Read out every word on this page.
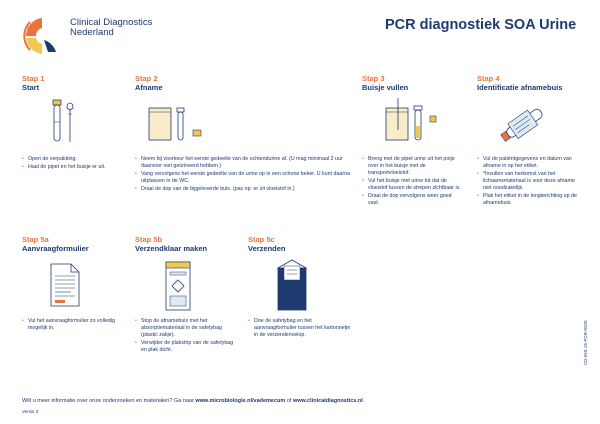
Clinical Diagnostics
Nederland	PCR diagnostiek SOA Urine
Stap 1
Start
• Open de verpakking.
• Haal de pipet en het buisje er uit.
Stap 2
Afname
• Neem bij voorkeur het eerste gedeelte van de ochtendurine af. (U mag minimaal 2 uur daarvoor niet geürineerd hebben.)
• Vang vervolgens het eerste gedeelte van de urine op in een schone beker. U kunt daarna uitplassen in de WC.
• Draai de dop van de bijgeleverde buis. (pas op: er zit vloeistof in.)
Stap 3
Buisje vullen
• Breng met de pipet urine uit het potje over in het buisje met de transportvloeistof.
• Vul het buisje met urine tot dat de vloeistof tussen de strepen zichtbaar is.
• Draai de dop vervolgens weer goed vast.
Stap 4
Identificatie afnamebuis
• Vul de patiëntgegevens en datum van afname in op het etiket.
• *Invullen van herkomst van het lichaamsmateriaal is voor deze afname niet noodzakelijk.
• Plak het etiket in de lengterichting op de afnamebuis.
Stap 5a
Aanvraagformulier
• Vul het aanvraagformulier zo volledig mogelijk in.
Stap 5b
Verzendklaar maken
• Stop de afnamebuis met het absorptiemateriaal in de safetybag (plastic zakje).
• Verwijder de plakstrip van de safetybag en plak dicht.
Stap 5c
Verzenden
• Doe de safetybag en het aanvraagformulier tussen het kartonnetje in de verzendenvelop.
Wilt u meer informatie over onze onderzoeken en materialen? Ga naar www.microbiologie.nl/vademecum of www.clinicaldiagnostics.nl.
Versie 3
CD-INS-15-PCR-0320
